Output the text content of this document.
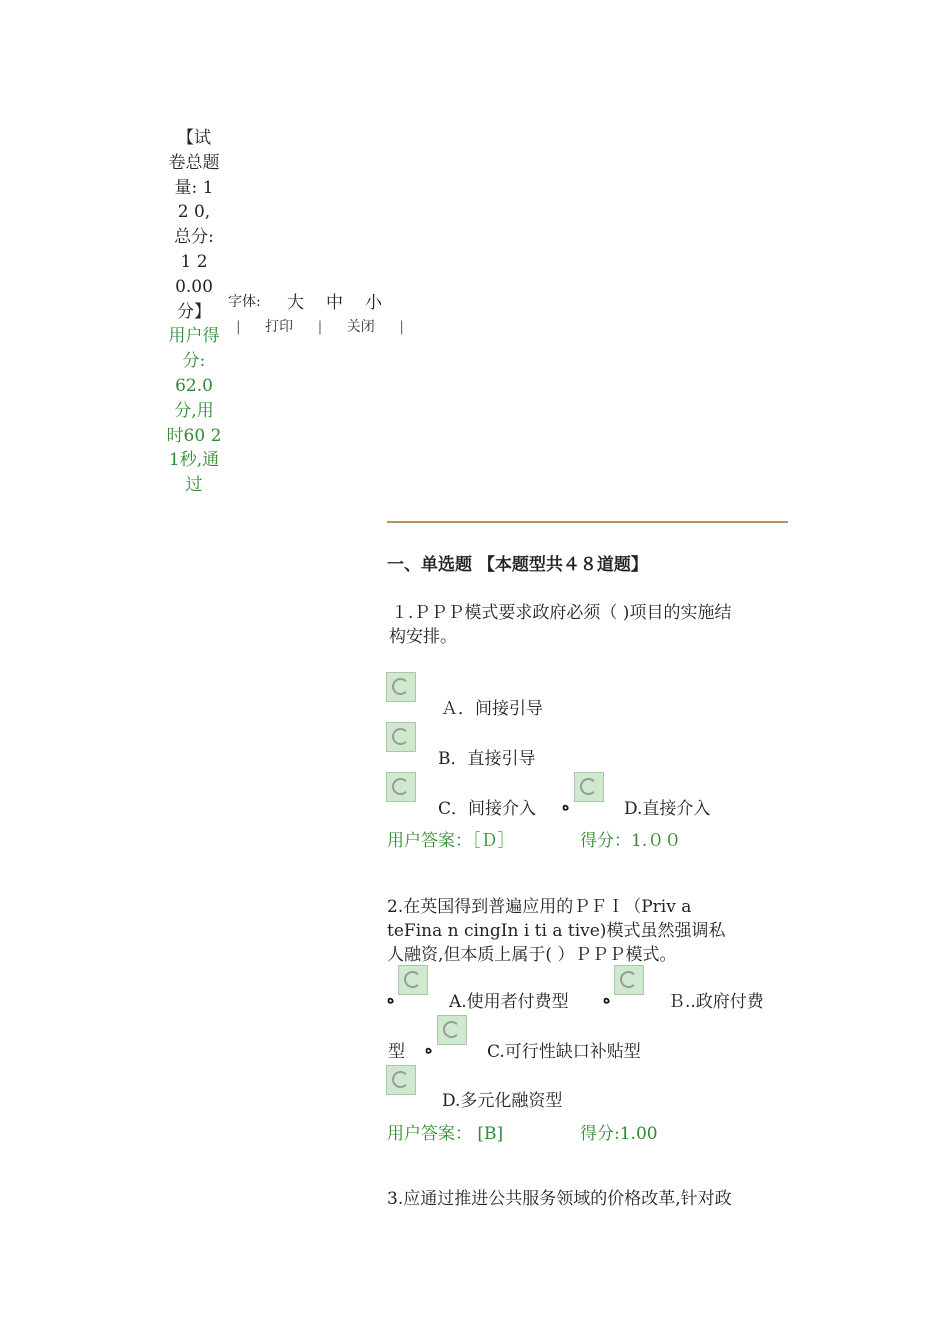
【试
卷总题
量: 1
2 0,
总分:
1 2
0.00
分】
用户得
分:
62.0
分,用
时60 2
1秒,通
过
字体: 大 中 小
| 打印 | 关闭 |
一、单选题 【本题型共４８道题】
１.ＰＰＰ模式要求政府必须（ )项目的实施结
构安排。
Ａ．间接引导
B．直接引导
C．间接介入 ه	D.直接介入
用户答案：［Ｄ］	得分：1.００
2.在英国得到普遍应用的ＰＦＩ（Priv a
teFina n cingIn i ti a tive)模式虽然强调私
人融资,但本质上属于( ）ＰＰＰ模式。
ه	A.使用者付费型 ه	Ｂ..政府付费
型 ه	C.可行性缺口补贴型
D.多元化融资型
用户答案： [B]	得分:1.00
3.应通过推进公共服务领域的价格改革,针对政
